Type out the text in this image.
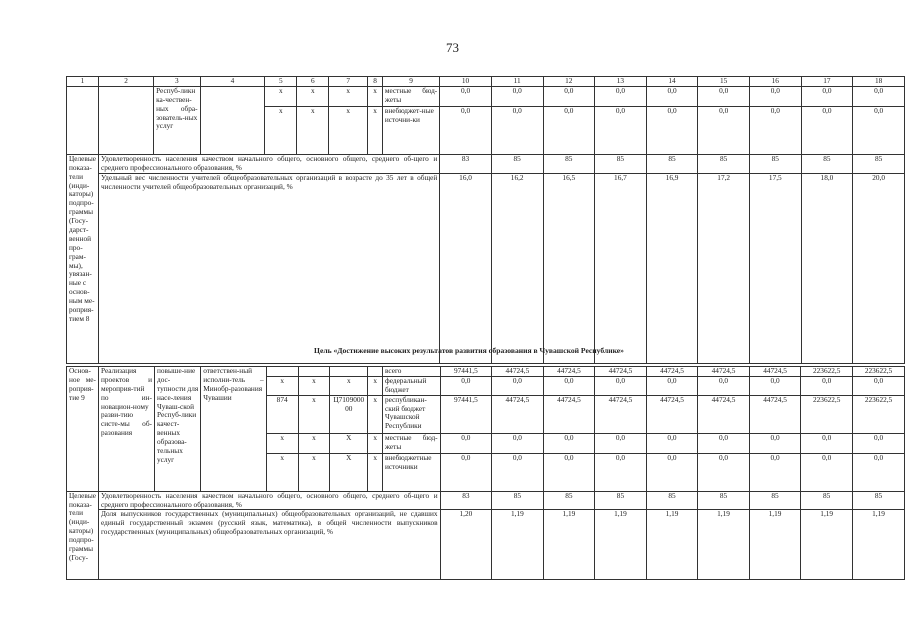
73
1	2	3	4	5	6	7	8	9	10	11	12	13	14	15	16	17	18
		Респуб-ликн ка-чествен-ных обра-зователь-ных услуг		х	х	х	х	местные бюд-жеты	0,0	0,0	0,0	0,0	0,0	0,0	0,0	0,0	0,0
				х	х	х	х	внебюджет-ные источни-ки	0,0	0,0	0,0	0,0	0,0	0,0	0,0	0,0	0,0
Целевые показа-тели (инди-каторы) подпро-граммы (Госу-дарст-венной про-грам-мы), увязан-ные с основ-ным ме-роприя-тием 8	Удовлетворенность населения качеством начального общего, основного общего, среднего об-щего и среднего профессионального образования, %								83	85	85	85	85	85	85	85	85
	Удельный вес численности учителей общеобразовательных организаций в возрасте до 35 лет в общей численности учителей общеобразовательных организаций, %								16,0	16,2	16,5	16,7	16,9	17,2	17,5	18,0	20,0
Цель «Достижение высоких результатов развития образования в Чувашской Республике»
Основ-ное ме-роприя-тие 9	Реализация проектов и мероприя-тий по ин-новацион-ному разви-тию систе-мы об-разования	повыше-ние дос-тупности для насе-ления Чуваш-ской Респуб-лики качест-венных образова-тельных услуг	ответствен-ный исполни-тель – Минобр-разования Чувашии					всего	97441,5	44724,5	44724,5	44724,5	44724,5	44724,5	44724,5	223622,5	223622,5
				х	х	х	х	федеральный бюджет	0,0	0,0	0,0	0,0	0,0	0,0	0,0	0,0	0,0
				874	х	Ц710900000	х	республикан-ский бюджет Чувашской Республики	97441,5	44724,5	44724,5	44724,5	44724,5	44724,5	44724,5	223622,5	223622,5
				х	х	Х	х	местные бюд-жеты	0,0	0,0	0,0	0,0	0,0	0,0	0,0	0,0	0,0
				х	х	Х	х	внебюджетные источники	0,0	0,0	0,0	0,0	0,0	0,0	0,0	0,0	0,0
Целевые показа-тели (инди-каторы) подпро-граммы (Госу-	Удовлетворенность населения качеством начального общего, основного общего, среднего об-щего и среднего профессионального образования, %								83	85	85	85	85	85	85	85	85
	Доля выпускников государственных (муниципальных) общеобразовательных организаций, не сдавших единый государственный экзамен (русский язык, математика), в общей численности выпускников государственных (муниципальных) общеобразовательных организаций, %								1,20	1,19	1,19	1,19	1,19	1,19	1,19	1,19	1,19
